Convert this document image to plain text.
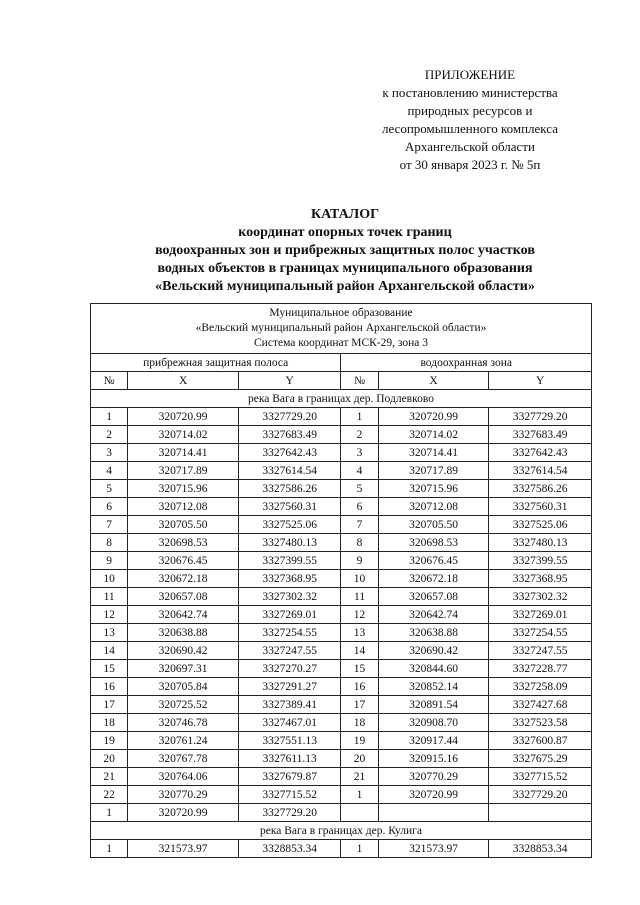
ПРИЛОЖЕНИЕ
к постановлению министерства
природных ресурсов и
лесопромышленного комплекса
Архангельской области
от 30 января 2023 г. № 5п
КАТАЛОГ
координат опорных точек границ
водоохранных зон и прибрежных защитных полос участков
водных объектов в границах муниципального образования
«Вельский муниципальный район Архангельской области»
Муниципальное образование
«Вельский муниципальный район Архангельской области»
Система координат МСК-29, зона 3					

прибрежная защитная полоса			водоохранная зона		
№	X	Y	№	X	Y
река Вага в границах дер. Подлевково					
1	320720.99	3327729.20	1	320720.99	3327729.20
2	320714.02	3327683.49	2	320714.02	3327683.49
3	320714.41	3327642.43	3	320714.41	3327642.43
4	320717.89	3327614.54	4	320717.89	3327614.54
5	320715.96	3327586.26	5	320715.96	3327586.26
6	320712.08	3327560.31	6	320712.08	3327560.31
7	320705.50	3327525.06	7	320705.50	3327525.06
8	320698.53	3327480.13	8	320698.53	3327480.13
9	320676.45	3327399.55	9	320676.45	3327399.55
10	320672.18	3327368.95	10	320672.18	3327368.95
11	320657.08	3327302.32	11	320657.08	3327302.32
12	320642.74	3327269.01	12	320642.74	3327269.01
13	320638.88	3327254.55	13	320638.88	3327254.55
14	320690.42	3327247.55	14	320690.42	3327247.55
15	320697.31	3327270.27	15	320844.60	3327228.77
16	320705.84	3327291.27	16	320852.14	3327258.09
17	320725.52	3327389.41	17	320891.54	3327427.68
18	320746.78	3327467.01	18	320908.70	3327523.58
19	320761.24	3327551.13	19	320917.44	3327600.87
20	320767.78	3327611.13	20	320915.16	3327675.29
21	320764.06	3327679.87	21	320770.29	3327715.52
22	320770.29	3327715.52	1	320720.99	3327729.20
1	320720.99	3327729.20			
река Вага в границах дер. Кулига					
1	321573.97	3328853.34	1	321573.97	3328853.34
